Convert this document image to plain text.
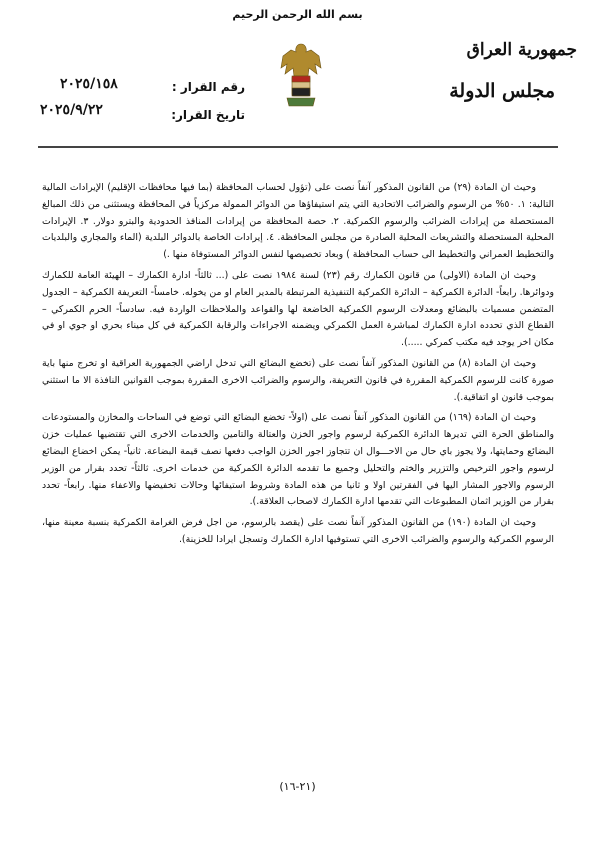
بسم الله الرحمن الرحيم
جمهورية العراق
مجلس الدولة
رقم القرار :
٢٠٢٥/١٥٨
تاريخ القرار:
٢٠٢٥/٩/٢٢

وحيث ان المادة (٢٩) من القانون المذكور آنفاً نصت على (تؤول لحساب المحافظة (بما فيها محافظات الإقليم) الإيرادات المالية التالية: ١. ٥٠% من الرسوم والضرائب الاتحادية التي يتم استيفاؤها من الدوائر الممولة مركزياً في المحافظة ويستثنى من ذلك المبالغ المستحصلة من إيرادات الضرائب والرسوم الكمركية. ٢. حصة المحافظة من إيرادات المنافذ الحدودية والبترو دولار. ٣. الإيرادات المحلية المستحصلة والتشريعات المحلية الصادرة من مجلس المحافظة. ٤. إيرادات الخاصة بالدوائر البلدية (الماء والمجاري والبلديات والتخطيط العمراني والتخطيط الى حساب المحافظة ) وبعاد تخصيصها لنفس الدوائر المستوفاة منها .)

وحيث ان المادة (الاولى) من قانون الكمارك رقم (٢٣) لسنة ١٩٨٤ نصت على (... ثالثاً- ادارة الكمارك – الهيئة العامة للكمارك ودوائرها. رابعاً- الدائرة الكمركية – الدائرة الكمركية التنفيذية المرتبطة بالمدير العام او من يخوله. خامساً- التعريفة الكمركية – الجدول المتضمن مسميات بالبضائع ومعدلات الرسوم الكمركية الخاضعة لها والقواعد والملاحظات الواردة فيه. سادساً- الحرم الكمركي – القطاع الذي تحدده ادارة الكمارك لمباشرة العمل الكمركي ويضمنه الاجراءات والرقابة الكمركية في كل ميناء بحري او جوي او في مكان اخر يوجد فيه مكتب كمركي .....).

وحيث ان المادة (٨) من القانون المذكور آنفاً نصت على (تخضع البضائع التي تدخل اراضي الجمهورية العراقية او تخرج منها باية صورة كانت للرسوم الكمركية المقررة في قانون التعريفة، والرسوم والضرائب الاخرى المقررة بموجب القوانين النافذة الا ما استثني بموجب قانون او اتفاقية.).

وحيث ان المادة (١٦٩) من القانون المذكور آنفاً نصت على (اولاً- تخضع البضائع التي توضع في الساحات والمخازن والمستودعات والمناطق الحرة التي تديرها الدائرة الكمركية لرسوم واجور الخزن والعتالة والتامين والخدمات الاخرى التي تقتضيها عمليات خزن البضائع وحمايتها، ولا يجوز باي حال من الاحـــوال ان تتجاوز اجور الخزن الواجب دفعها نصف قيمة البضاعة. ثانياً- يمكن اخضاع البضائع لرسوم واجور الترخيص والتزرير والختم والتحليل وجميع ما تقدمه الدائرة الكمركية من خدمات اخرى. ثالثاً- تحدد بقرار من الوزير الرسوم والاجور المشار اليها في الفقرتين اولا و ثانيا من هذه المادة وشروط استيفائها وحالات تخفيضها والاعفاء منها. رابعاً- تحدد بقرار من الوزير اثمان المطبوعات التي تقدمها ادارة الكمارك لاصحاب العلاقة.).

وحيث ان المادة (١٩٠) من القانون المذكور آنفاً نصت على (يقصد بالرسوم، من اجل فرض الغرامة الكمركية بنسبة معينة منها، الرسوم الكمركية والرسوم والضرائب الاخرى التي تستوفيها ادارة الكمارك وتسجل ايرادا للخزينة).

(٢١-١٦)
